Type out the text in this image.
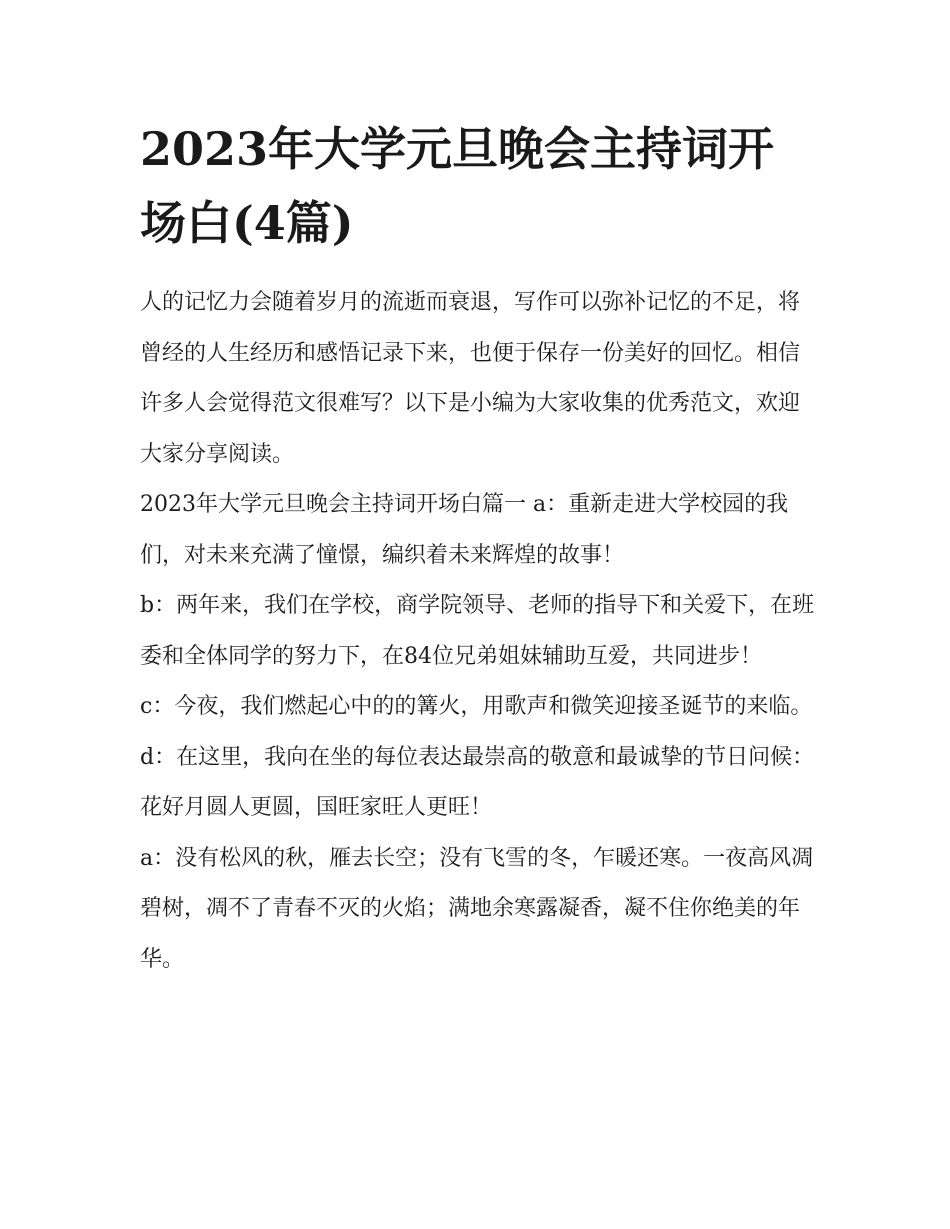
2023年大学元旦晚会主持词开场白(4篇)

人的记忆力会随着岁月的流逝而衰退，写作可以弥补记忆的不足，将曾经的人生经历和感悟记录下来，也便于保存一份美好的回忆。相信许多人会觉得范文很难写？以下是小编为大家收集的优秀范文，欢迎大家分享阅读。

2023年大学元旦晚会主持词开场白篇一 a：重新走进大学校园的我们，对未来充满了憧憬，编织着未来辉煌的故事！

b：两年来，我们在学校，商学院领导、老师的指导下和关爱下，在班委和全体同学的努力下，在84位兄弟姐妹辅助互爱，共同进步！

c：今夜，我们燃起心中的的篝火，用歌声和微笑迎接圣诞节的来临。

d：在这里，我向在坐的每位表达最崇高的敬意和最诚挚的节日问候：花好月圆人更圆，国旺家旺人更旺！

a：没有松风的秋，雁去长空；没有飞雪的冬，乍暖还寒。一夜高风凋碧树，凋不了青春不灭的火焰；满地余寒露凝香，凝不住你绝美的年华。
